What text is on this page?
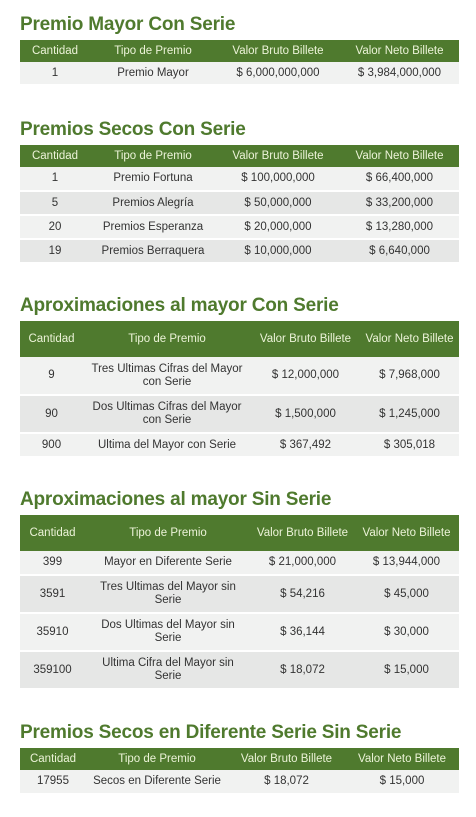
Premio Mayor Con Serie
Cantidad	Tipo de Premio	Valor Bruto Billete	Valor Neto Billete
1	Premio Mayor	$ 6,000,000,000	$ 3,984,000,000
Premios Secos Con Serie
Cantidad	Tipo de Premio	Valor Bruto Billete	Valor Neto Billete
1	Premio Fortuna	$ 100,000,000	$ 66,400,000
5	Premios Alegría	$ 50,000,000	$ 33,200,000
20	Premios Esperanza	$ 20,000,000	$ 13,280,000
19	Premios Berraquera	$ 10,000,000	$ 6,640,000
Aproximaciones al mayor Con Serie
Cantidad	Tipo de Premio	Valor Bruto Billete	Valor Neto Billete
9	Tres Ultimas Cifras del Mayor con Serie	$ 12,000,000	$ 7,968,000
90	Dos Ultimas Cifras del Mayor con Serie	$ 1,500,000	$ 1,245,000
900	Ultima del Mayor con Serie	$ 367,492	$ 305,018
Aproximaciones al mayor Sin Serie
Cantidad	Tipo de Premio	Valor Bruto Billete	Valor Neto Billete
399	Mayor en Diferente Serie	$ 21,000,000	$ 13,944,000
3591	Tres Ultimas del Mayor sin Serie	$ 54,216	$ 45,000
35910	Dos Ultimas del Mayor sin Serie	$ 36,144	$ 30,000
359100	Ultima Cifra del Mayor sin Serie	$ 18,072	$ 15,000
Premios Secos en Diferente Serie Sin Serie
Cantidad	Tipo de Premio	Valor Bruto Billete	Valor Neto Billete
17955	Secos en Diferente Serie	$ 18,072	$ 15,000
